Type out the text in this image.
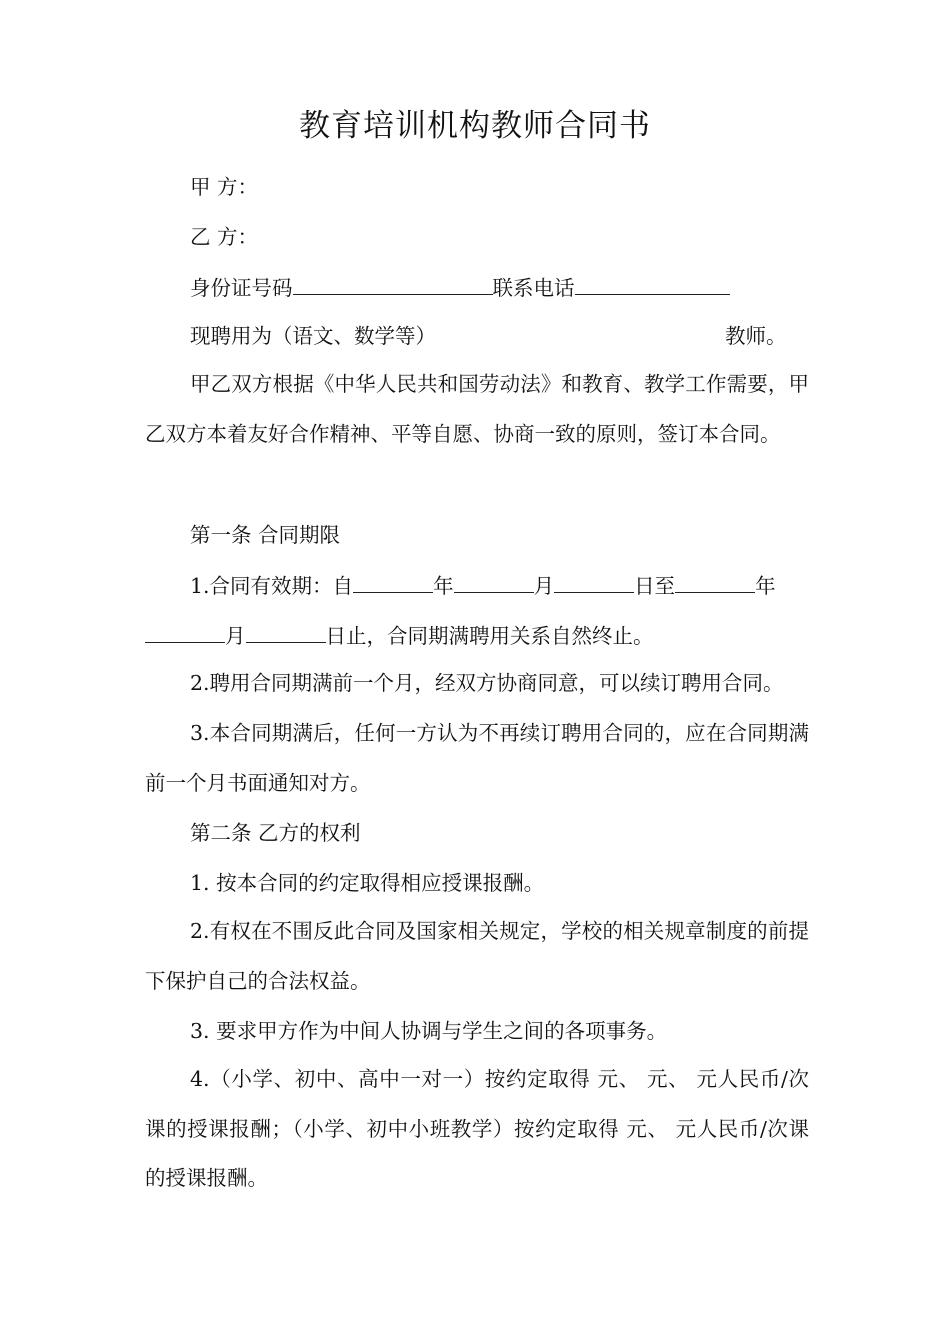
教育培训机构教师合同书
甲 方：
乙 方：
身份证号码	联系电话
现聘用为（语文、数学等）	教师。

甲乙双方根据《中华人民共和国劳动法》和教育、教学工作需要，甲乙双方本着友好合作精神、平等自愿、协商一致的原则，签订本合同。

第一条 合同期限
1.合同有效期：自	年	月	日至	年
月	日止，合同期满聘用关系自然终止。

2.聘用合同期满前一个月，经双方协商同意，可以续订聘用合同。

3.本合同期满后，任何一方认为不再续订聘用合同的，应在合同期满前一个月书面通知对方。

第二条 乙方的权利
1. 按本合同的约定取得相应授课报酬。

2.有权在不围反此合同及国家相关规定，学校的相关规章制度的前提下保护自己的合法权益。

3. 要求甲方作为中间人协调与学生之间的各项事务。

4.（小学、初中、高中一对一）按约定取得 元、 元、 元人民币/次课的授课报酬；（小学、初中小班教学）按约定取得 元、 元人民币/次课的授课报酬。
